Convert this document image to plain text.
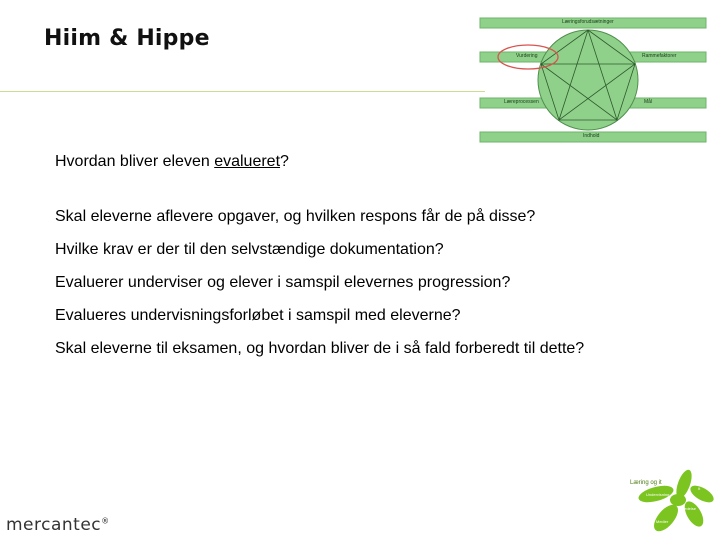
Hiim & Hippe
Læringsforudsætninger
Vurdering	Rammefaktorer
Læreprocessen	Mål
Indhold

Hvordan bliver eleven evalueret?

Skal eleverne aflevere opgaver, og hvilken respons får de på disse?

Hvilke krav er der til den selvstændige dokumentation?

Evaluerer underviser og elever i samspil elevernes progression?

Evalueres undervisningsforløbet i samspil med eleverne?

Skal eleverne til eksamen, og hvordan bliver de i så fald forberedt til dette?

mercantec®
Læring og it
Undervisning
Ledelse
Medier
It
